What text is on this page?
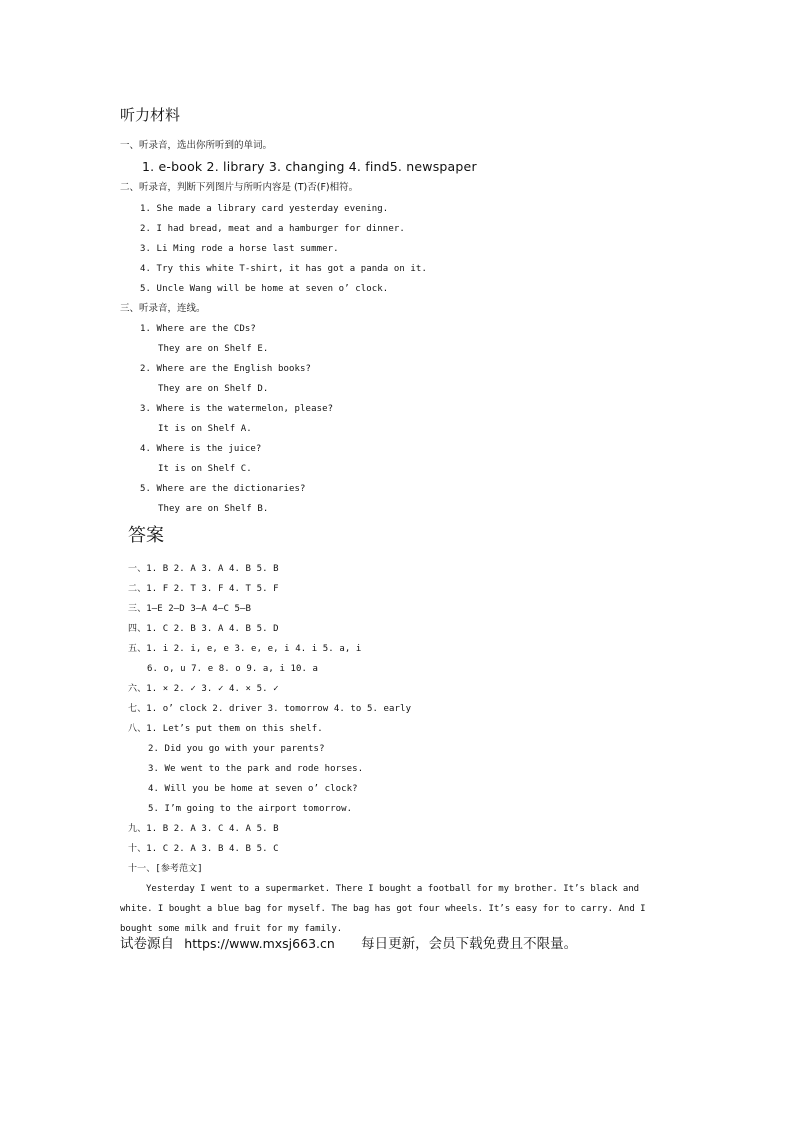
听力材料
一、听录音，选出你所听到的单词。
1. e-book 2. library 3. changing 4. find5. newspaper
二、听录音，判断下列图片与所听内容是 (T)否(F)相符。
1. She made a library card yesterday evening.
2. I had bread, meat and a hamburger for dinner.
3. Li Ming rode a horse last summer.
4. Try this white T-shirt, it has got a panda on it.
5. Uncle Wang will be home at seven o’ clock.
三、听录音，连线。
1. Where are the CDs?
They are on Shelf E.
2. Where are the English books?
They are on Shelf D.
3. Where is the watermelon, please?
It is on Shelf A.
4. Where is the juice?
It is on Shelf C.
5. Where are the dictionaries?
They are on Shelf B.
答案
一、1. B 2. A 3. A 4. B 5. B
二、1. F 2. T 3. F 4. T 5. F
三、1—E 2—D 3—A 4—C 5—B
四、1. C 2. B 3. A 4. B 5. D
五、1. i 2. i, e, e 3. e, e, i 4. i 5. a, i
6. o, u 7. e 8. o 9. a, i 10. a
六、1. × 2. ✓ 3. ✓ 4. × 5. ✓
七、1. o’ clock 2. driver 3. tomorrow 4. to 5. early
八、1. Let’s put them on this shelf.
2. Did you go with your parents?
3. We went to the park and rode horses.
4. Will you be home at seven o’ clock?
5. I’m going to the airport tomorrow.
九、1. B 2. A 3. C 4. A 5. B
十、1. C 2. A 3. B 4. B 5. C
十一、[参考范文]
Yesterday I went to a supermarket. There I bought a football for my brother. It’s black and
white. I bought a blue bag for myself. The bag has got four wheels. It’s easy for to carry. And I
bought some milk and fruit for my family.
试卷源自 https://www.mxsj663.cn 每日更新，会员下载免费且不限量。
